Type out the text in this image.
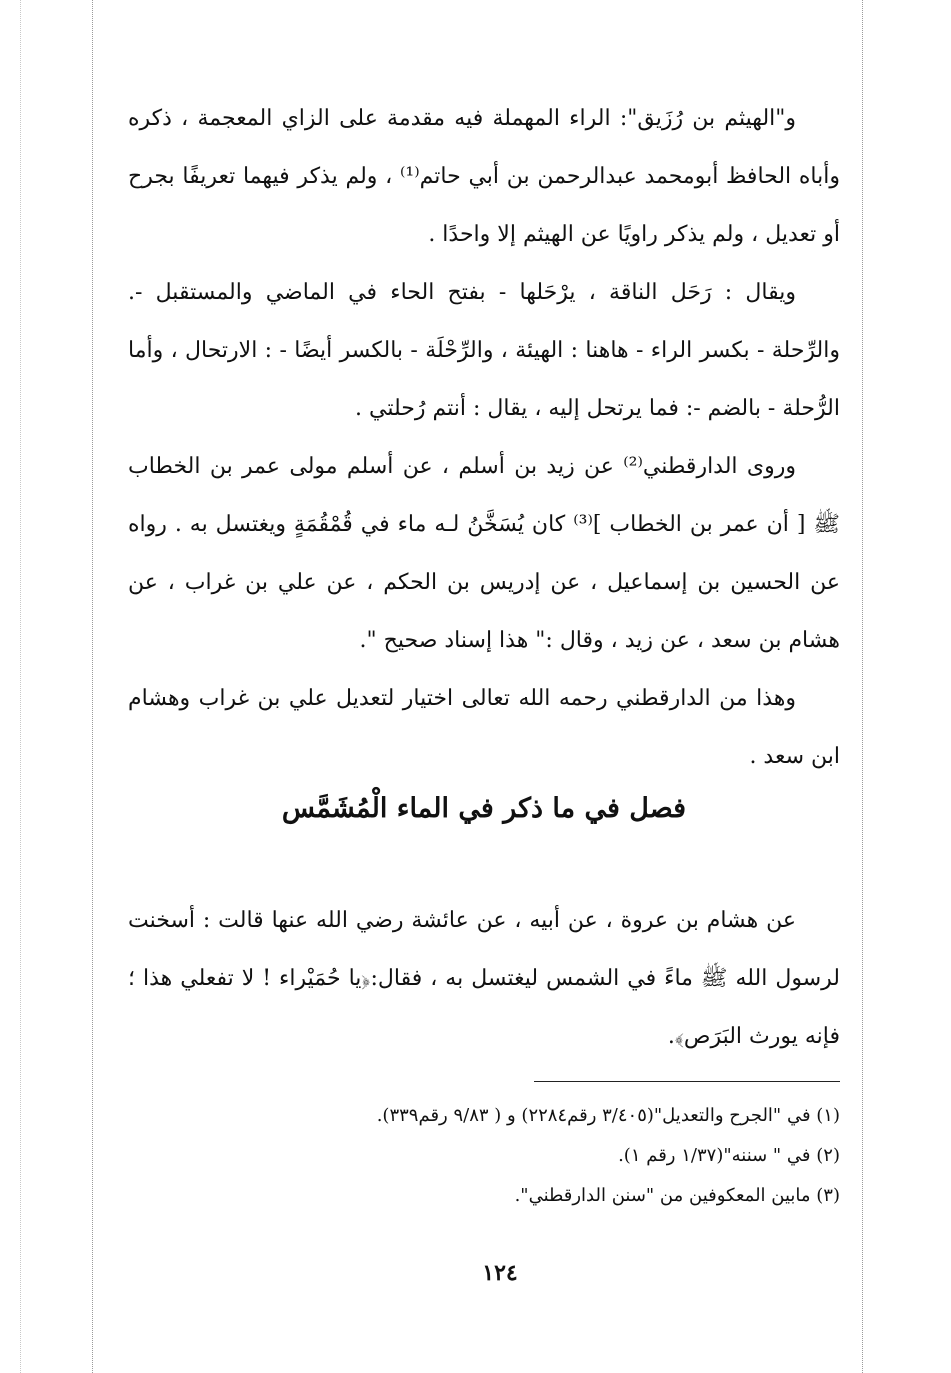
و"الهيثم بن رُزَيق": الراء المهملة فيه مقدمة على الزاي المعجمة ، ذكره وأباه الحافظ أبومحمد عبدالرحمن بن أبي حاتم⁽¹⁾ ، ولم يذكر فيهما تعريفًا بجرح أو تعديل ، ولم يذكر راويًا عن الهيثم إلا واحدًا .

ويقال : رَحَل الناقة ، يرْحَلها - بفتح الحاء في الماضي والمستقبل -. والرِّحلة - بكسر الراء - هاهنا : الهيئة ، والرِّحْلَة - بالكسر أيضًا - : الارتحال ، وأما الرُّحلة - بالضم -: فما يرتحل إليه ، يقال : أنتم رُحلتي .

وروى الدارقطني⁽²⁾ عن زيد بن أسلم ، عن أسلم مولى عمر بن الخطاب ﷺ [ أن عمر بن الخطاب ]⁽³⁾ كان يُسَخَّنُ لـه ماء في قُمْقُمَةٍ ويغتسل به . رواه عن الحسين بن إسماعيل ، عن إدريس بن الحكم ، عن علي بن غراب ، عن هشام بن سعد ، عن زيد ، وقال :" هذا إسناد صحيح ".

وهذا من الدارقطني رحمه الله تعالى اختيار لتعديل علي بن غراب وهشام ابن سعد .

فصل في ما ذكر في الماء الْمُشَمَّس

عن هشام بن عروة ، عن أبيه ، عن عائشة رضي الله عنها قالت : أسخنت لرسول الله ﷺ ماءً في الشمس ليغتسل به ، فقال:﴿يا حُمَيْراء ! لا تفعلي هذا ؛ فإنه يورث البَرَص﴾.

(١) في "الجرح والتعديل"(٣/٤٠٥ رقم٢٢٨٤) و ( ٩/٨٣ رقم٣٣٩).
(٢) في " سننه"(١/٣٧ رقم ١).
(٣) مابين المعكوفين من "سنن الدارقطني".
١٢٤
